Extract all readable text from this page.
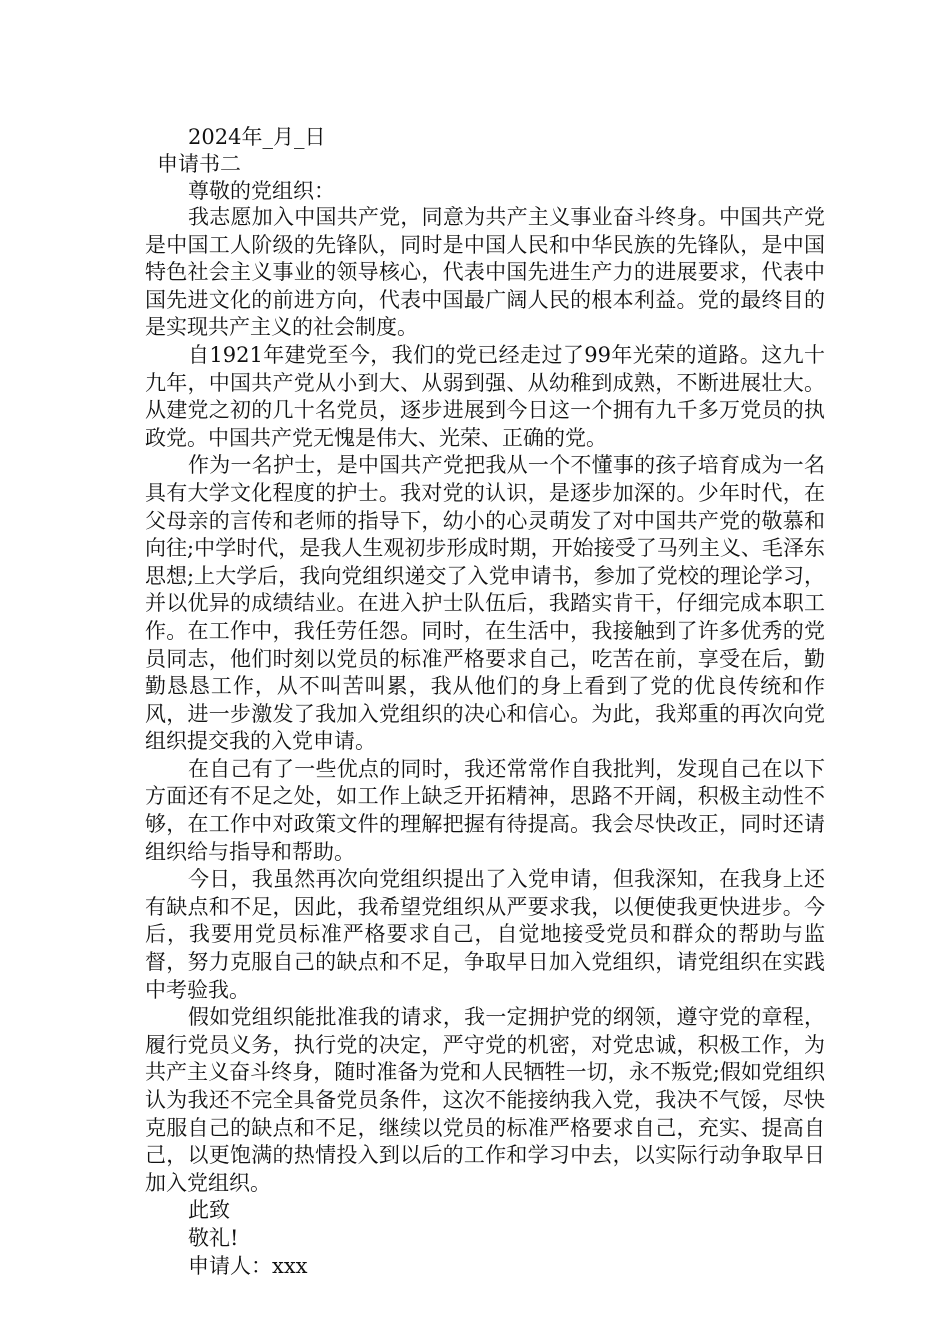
2024年_月_日
申请书二
尊敬的党组织：

我志愿加入中国共产党，同意为共产主义事业奋斗终身。中国共产党是中国工人阶级的先锋队，同时是中国人民和中华民族的先锋队，是中国特色社会主义事业的领导核心，代表中国先进生产力的进展要求，代表中国先进文化的前进方向，代表中国最广阔人民的根本利益。党的最终目的是实现共产主义的社会制度。

自1921年建党至今，我们的党已经走过了99年光荣的道路。这九十九年，中国共产党从小到大、从弱到强、从幼稚到成熟，不断进展壮大。从建党之初的几十名党员，逐步进展到今日这一个拥有九千多万党员的执政党。中国共产党无愧是伟大、光荣、正确的党。

作为一名护士，是中国共产党把我从一个不懂事的孩子培育成为一名具有大学文化程度的护士。我对党的认识，是逐步加深的。少年时代，在父母亲的言传和老师的指导下，幼小的心灵萌发了对中国共产党的敬慕和向往;中学时代，是我人生观初步形成时期，开始接受了马列主义、毛泽东思想;上大学后，我向党组织递交了入党申请书，参加了党校的理论学习，并以优异的成绩结业。在进入护士队伍后，我踏实肯干，仔细完成本职工作。在工作中，我任劳任怨。同时，在生活中，我接触到了许多优秀的党员同志，他们时刻以党员的标准严格要求自己，吃苦在前，享受在后，勤勤恳恳工作，从不叫苦叫累，我从他们的身上看到了党的优良传统和作风，进一步激发了我加入党组织的决心和信心。为此，我郑重的再次向党组织提交我的入党申请。

在自己有了一些优点的同时，我还常常作自我批判，发现自己在以下方面还有不足之处，如工作上缺乏开拓精神，思路不开阔，积极主动性不够，在工作中对政策文件的理解把握有待提高。我会尽快改正，同时还请组织给与指导和帮助。

今日，我虽然再次向党组织提出了入党申请，但我深知，在我身上还有缺点和不足，因此，我希望党组织从严要求我，以便使我更快进步。今后，我要用党员标准严格要求自己，自觉地接受党员和群众的帮助与监督，努力克服自己的缺点和不足，争取早日加入党组织，请党组织在实践中考验我。

假如党组织能批准我的请求，我一定拥护党的纲领，遵守党的章程，履行党员义务，执行党的决定，严守党的机密，对党忠诚，积极工作，为共产主义奋斗终身，随时准备为党和人民牺牲一切，永不叛党;假如党组织认为我还不完全具备党员条件，这次不能接纳我入党，我决不气馁，尽快克服自己的缺点和不足，继续以党员的标准严格要求自己，充实、提高自己，以更饱满的热情投入到以后的工作和学习中去，以实际行动争取早日加入党组织。

此致

敬礼!

申请人：xxx
